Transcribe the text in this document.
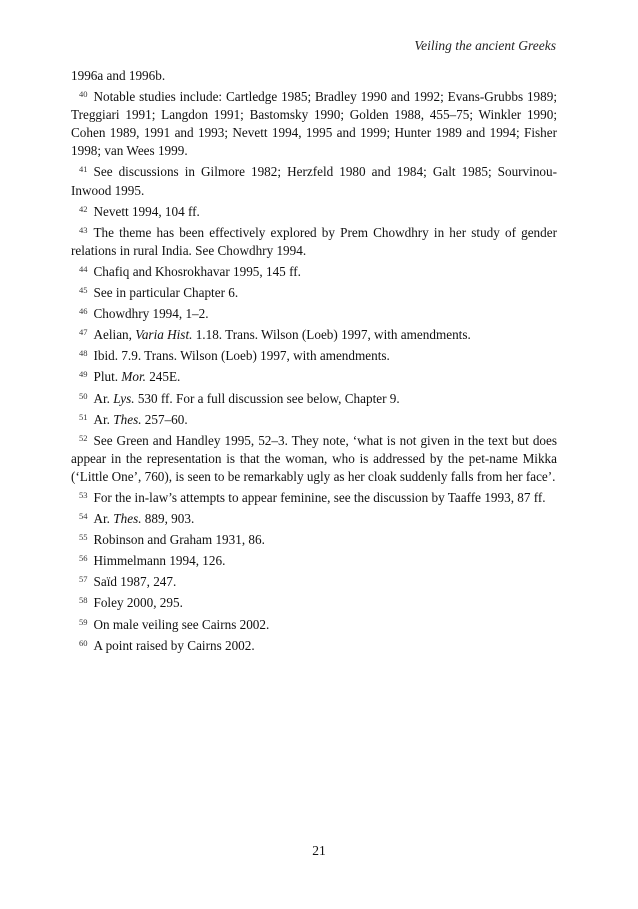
Veiling the ancient Greeks

1996a and 1996b.

$^{40}$ Notable studies include: Cartledge 1985; Bradley 1990 and 1992; Evans-Grubbs 1989; Treggiari 1991; Langdon 1991; Bastomsky 1990; Golden 1988, 455–75; Winkler 1990; Cohen 1989, 1991 and 1993; Nevett 1994, 1995 and 1999; Hunter 1989 and 1994; Fisher 1998; van Wees 1999.

$^{41}$ See discussions in Gilmore 1982; Herzfeld 1980 and 1984; Galt 1985; Sourvinou-Inwood 1995.

$^{42}$ Nevett 1994, 104 ff.

$^{43}$ The theme has been effectively explored by Prem Chowdhry in her study of gender relations in rural India. See Chowdhry 1994.

$^{44}$ Chafiq and Khosrokhavar 1995, 145 ff.

$^{45}$ See in particular Chapter 6.

$^{46}$ Chowdhry 1994, 1–2.

$^{47}$ Aelian, Varia Hist. 1.18. Trans. Wilson (Loeb) 1997, with amendments.

$^{48}$ Ibid. 7.9. Trans. Wilson (Loeb) 1997, with amendments.

$^{49}$ Plut. Mor. 245E.

$^{50}$ Ar. Lys. 530 ff. For a full discussion see below, Chapter 9.

$^{51}$ Ar. Thes. 257–60.

$^{52}$ See Green and Handley 1995, 52–3. They note, ‘what is not given in the text but does appear in the representation is that the woman, who is addressed by the pet-name Mikka (‘Little One’, 760), is seen to be remarkably ugly as her cloak suddenly falls from her face’.

$^{53}$ For the in-law’s attempts to appear feminine, see the discussion by Taaffe 1993, 87 ff.

$^{54}$ Ar. Thes. 889, 903.

$^{55}$ Robinson and Graham 1931, 86.

$^{56}$ Himmelmann 1994, 126.

$^{57}$ Saïd 1987, 247.

$^{58}$ Foley 2000, 295.

$^{59}$ On male veiling see Cairns 2002.

$^{60}$ A point raised by Cairns 2002.

21
